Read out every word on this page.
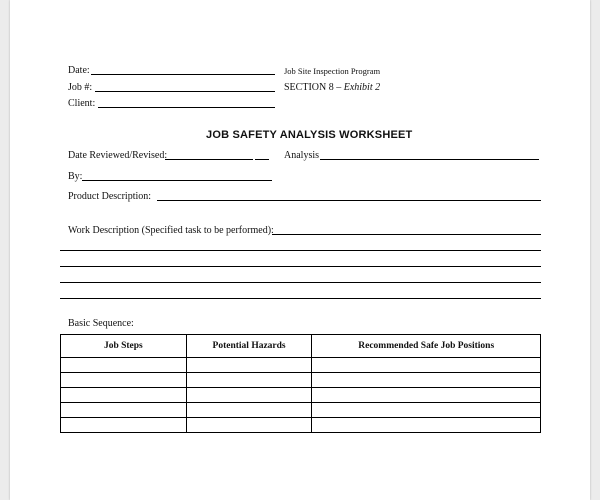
Date:
Job #:
Client:
Job Site Inspection Program
SECTION 8 – Exhibit 2
JOB SAFETY ANALYSIS WORKSHEET
Date Reviewed/Revised:	Analysis
By:
Product Description:
Work Description (Specified task to be performed):
Basic Sequence:
Job Steps	Potential Hazards	Recommended Safe Job Positions
